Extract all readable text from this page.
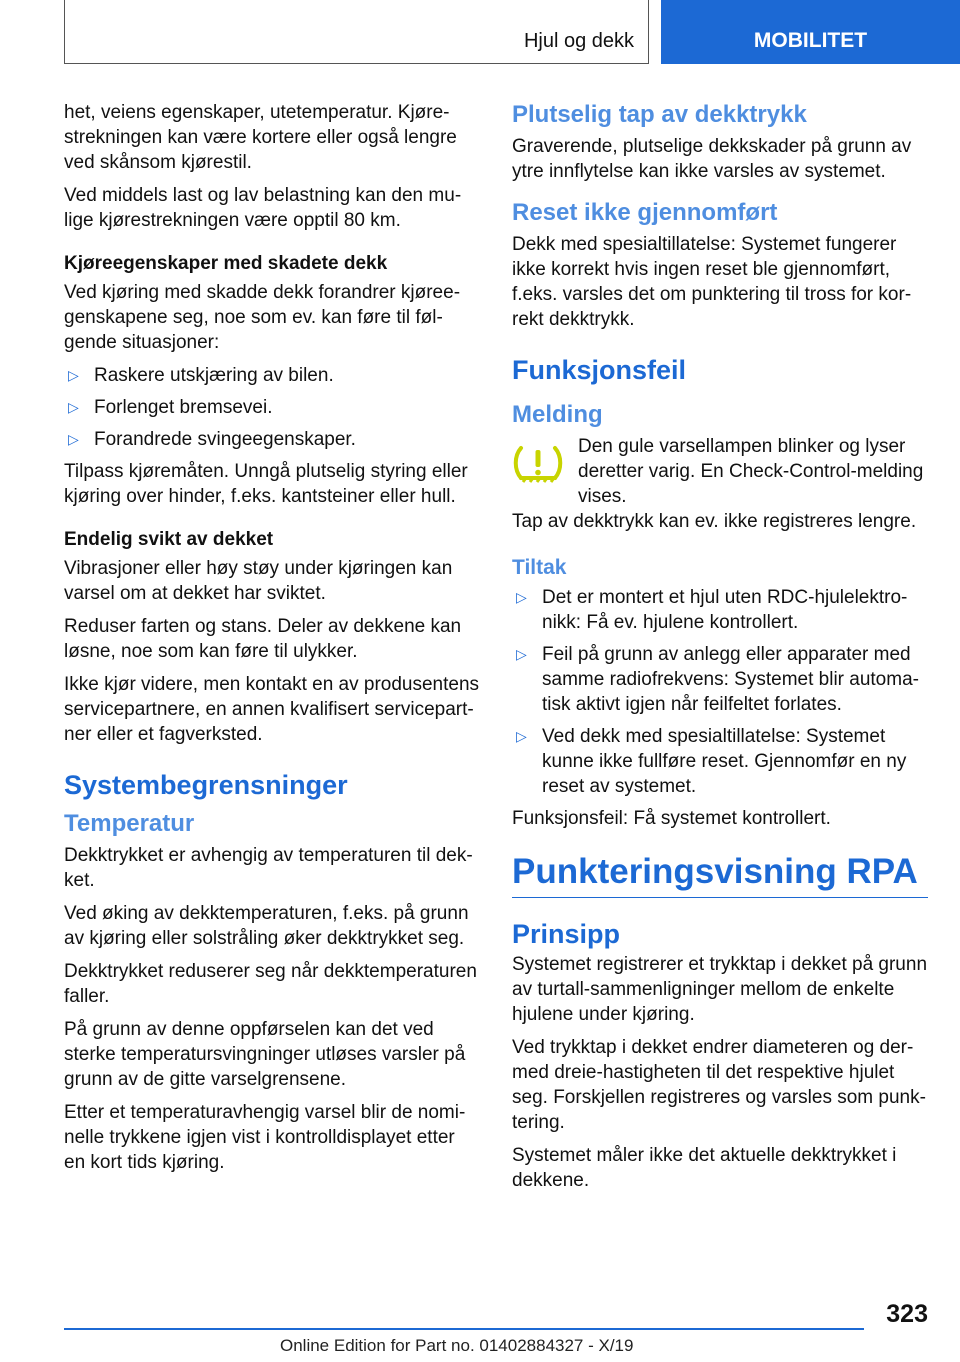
Hjul og dekk	MOBILITET

het, veiens egenskaper, utetemperatur. Kjørestrekningen kan være kortere eller også lengre ved skånsom kjørestil.

Ved middels last og lav belastning kan den mulige kjørestrekningen være opptil 80 km.

Kjøreegenskaper med skadete dekk

Ved kjøring med skadde dekk forandrer kjøreegenskapene seg, noe som ev. kan føre til følgende situasjoner:

▷ Raskere utskjæring av bilen.
▷ Forlenget bremsevei.
▷ Forandrede svingeegenskaper.

Tilpass kjøremåten. Unngå plutselig styring eller kjøring over hinder, f.eks. kantsteiner eller hull.

Endelig svikt av dekket

Vibrasjoner eller høy støy under kjøringen kan varsel om at dekket har sviktet.

Reduser farten og stans. Deler av dekkene kan løsne, noe som kan føre til ulykker.

Ikke kjør videre, men kontakt en av produsentens servicepartnere, en annen kvalifisert servicepartner eller et fagverksted.

Systembegrensninger
Temperatur

Dekktrykket er avhengig av temperaturen til dekket.

Ved øking av dekktemperaturen, f.eks. på grunn av kjøring eller solstråling øker dekktrykket seg.

Dekktrykket reduserer seg når dekktemperaturen faller.

På grunn av denne oppførselen kan det ved sterke temperatursvingninger utløses varsler på grunn av de gitte varselgrensene.

Etter et temperaturavhengig varsel blir de nominelle trykkene igjen vist i kontrolldisplayet etter en kort tids kjøring.

Plutselig tap av dekktrykk

Graverende, plutselige dekkskader på grunn av ytre innflytelse kan ikke varsles av systemet.

Reset ikke gjennomført

Dekk med spesialtillatelse: Systemet fungerer ikke korrekt hvis ingen reset ble gjennomført, f.eks. varsles det om punktering til tross for korrekt dekktrykk.

Funksjonsfeil
Melding

Den gule varsellampen blinker og lyser deretter varig. En Check-Control-melding vises.

Tap av dekktrykk kan ev. ikke registreres lengre.

Tiltak
▷ Det er montert et hjul uten RDC-hjulelektronikk: Få ev. hjulene kontrollert.
▷ Feil på grunn av anlegg eller apparater med samme radiofrekvens: Systemet blir automatisk aktivt igjen når feilfeltet forlates.
▷ Ved dekk med spesialtillatelse: Systemet kunne ikke fullføre reset. Gjennomfør en ny reset av systemet.

Funksjonsfeil: Få systemet kontrollert.

Punkteringsvisning RPA
Prinsipp

Systemet registrerer et trykktap i dekket på grunn av turtall-sammenligninger mellom de enkelte hjulene under kjøring.

Ved trykktap i dekket endrer diameteren og dermed dreie-hastigheten til det respektive hjulet seg. Forskjellen registreres og varsles som punktering.

Systemet måler ikke det aktuelle dekktrykket i dekkene.

323
Online Edition for Part no. 01402884327 - X/19
